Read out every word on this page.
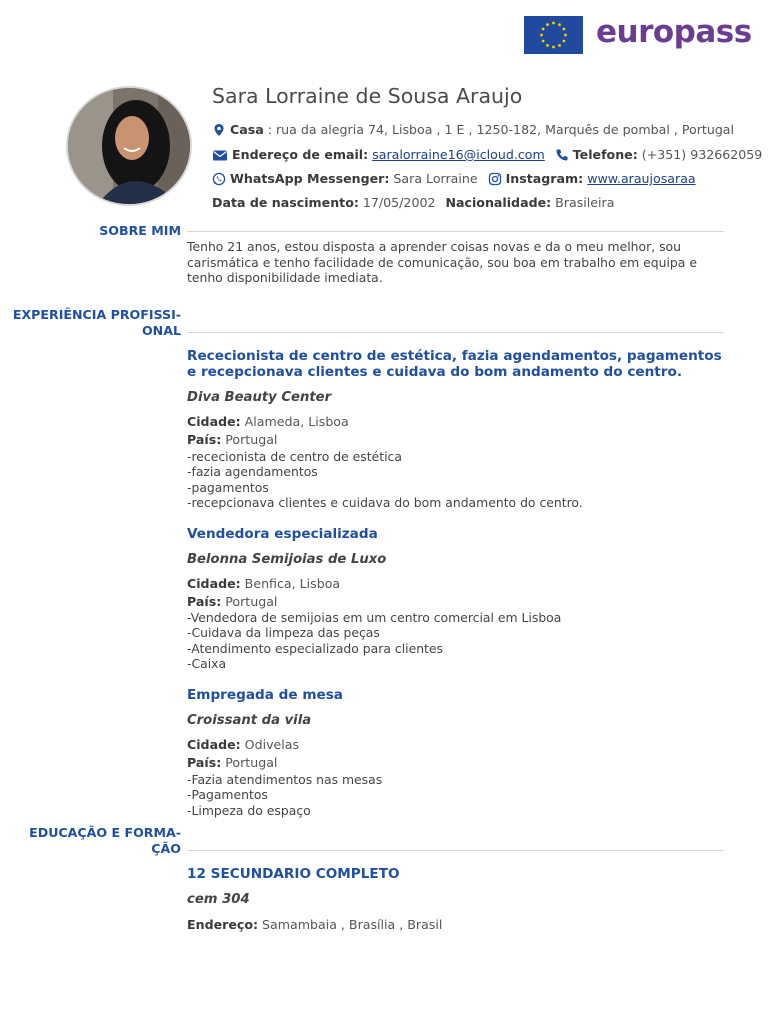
europass
Sara Lorraine de Sousa Araujo
Casa : rua da alegria 74, Lisboa , 1 E , 1250-182, Marquês de pombal , Portugal
Endereço de email: saralorraine16@icloud.com Telefone: (+351) 932662059
WhatsApp Messenger: Sara Lorraine Instagram: www.araujosaraa
Data de nascimento: 17/05/2002 Nacionalidade: Brasileira
SOBRE MIM
Tenho 21 anos, estou disposta a aprender coisas novas e da o meu melhor, sou carismática e tenho facilidade de comunicação, sou boa em trabalho em equipa e tenho disponibilidade imediata.
EXPERIÊNCIA PROFISSI-
ONAL
Rececionista de centro de estética, fazia agendamentos, pagamentos e recepcionava clientes e cuidava do bom andamento do centro.
Diva Beauty Center
Cidade: Alameda, Lisboa
País: Portugal
-rececionista de centro de estética
-fazia agendamentos
-pagamentos
-recepcionava clientes e cuidava do bom andamento do centro.
Vendedora especializada
Belonna Semijoias de Luxo
Cidade: Benfica, Lisboa
País: Portugal
-Vendedora de semijoias em um centro comercial em Lisboa
-Cuidava da limpeza das peças
-Atendimento especializado para clientes
-Caixa
Empregada de mesa
Croissant da vila
Cidade: Odivelas
País: Portugal
-Fazia atendimentos nas mesas
-Pagamentos
-Limpeza do espaço
EDUCAÇÃO E FORMA-
ÇÃO
12 SECUNDARIO COMPLETO
cem 304
Endereço: Samambaia , Brasília , Brasil
